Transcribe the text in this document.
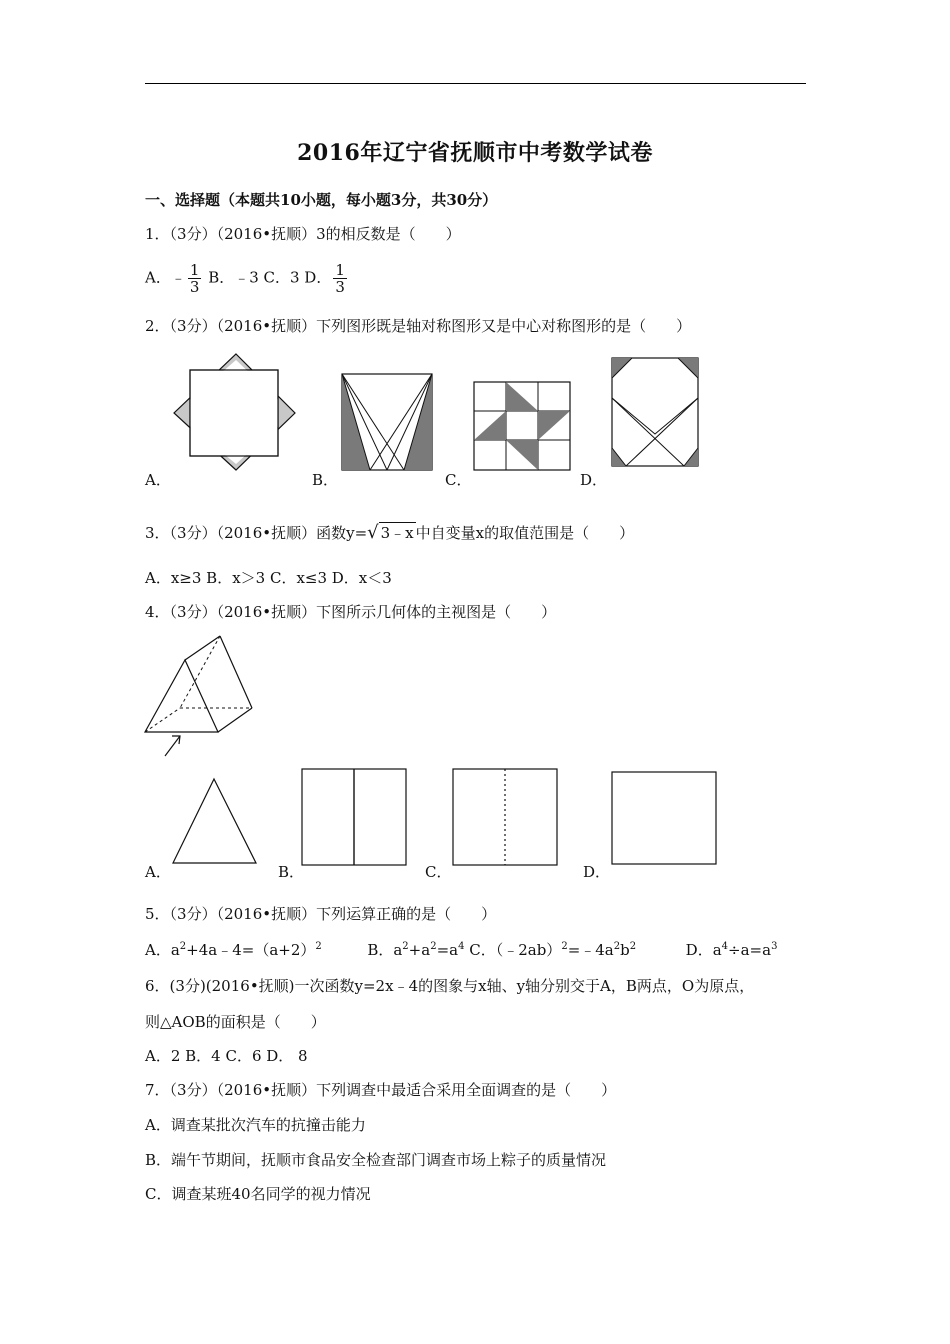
2016年辽宁省抚顺市中考数学试卷
一、选择题（本题共10小题，每小题3分，共30分）
1．（3分）（2016•抚顺）3的相反数是（　　）
A．﹣ $\frac{1}{3}$ B．﹣3 C．3 D． $\frac{1}{3}$
2．（3分）（2016•抚顺）下列图形既是轴对称图形又是中心对称图形的是（　　）
A．	B．	C．	D．
3．（3分）（2016•抚顺）函数y=√ 3﹣x 中自变量x的取值范围是（　　）
A．x≥3 B．x＞3 C．x≤3 D．x＜3
4．（3分）（2016•抚顺）下图所示几何体的主视图是（　　）
A．	B．	C．	D．
5．（3分）（2016•抚顺）下列运算正确的是（　　）
A．$a^2+4a﹣4=(a+2)^2$	B．$a^2+a^2=a^4$ C．$(﹣2ab)^2=﹣4a^2b^2$	D．$a^4\div a=a^3$
6．(3分)(2016•抚顺)一次函数y=2x﹣4的图象与x轴、y轴分别交于A，B两点，O为原点，
则△AOB的面积是（　　）
A．2 B．4 C．6 D． 8
7．（3分）（2016•抚顺）下列调查中最适合采用全面调查的是（　　）
A．调查某批次汽车的抗撞击能力
B．端午节期间，抚顺市食品安全检查部门调查市场上粽子的质量情况
C．调查某班40名同学的视力情况
